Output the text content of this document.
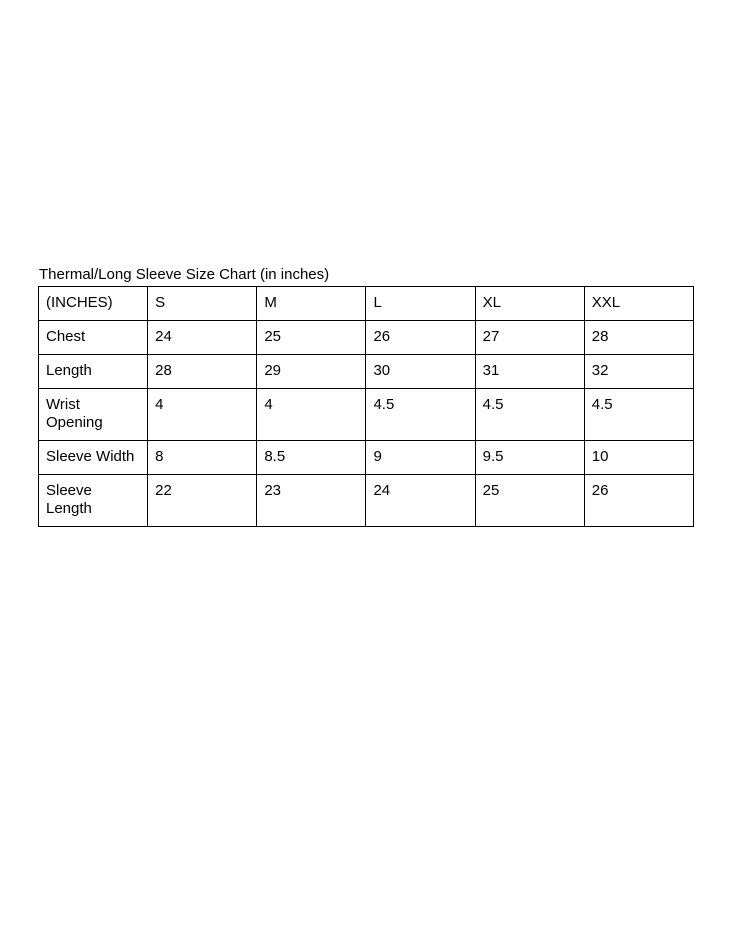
Thermal/Long Sleeve Size Chart (in inches)
(INCHES)	S	M	L	XL	XXL
Chest	24	25	26	27	28
Length	28	29	30	31	32
Wrist
Opening	4	4	4.5	4.5	4.5
Sleeve Width	8	8.5	9	9.5	10
Sleeve
Length	22	23	24	25	26
